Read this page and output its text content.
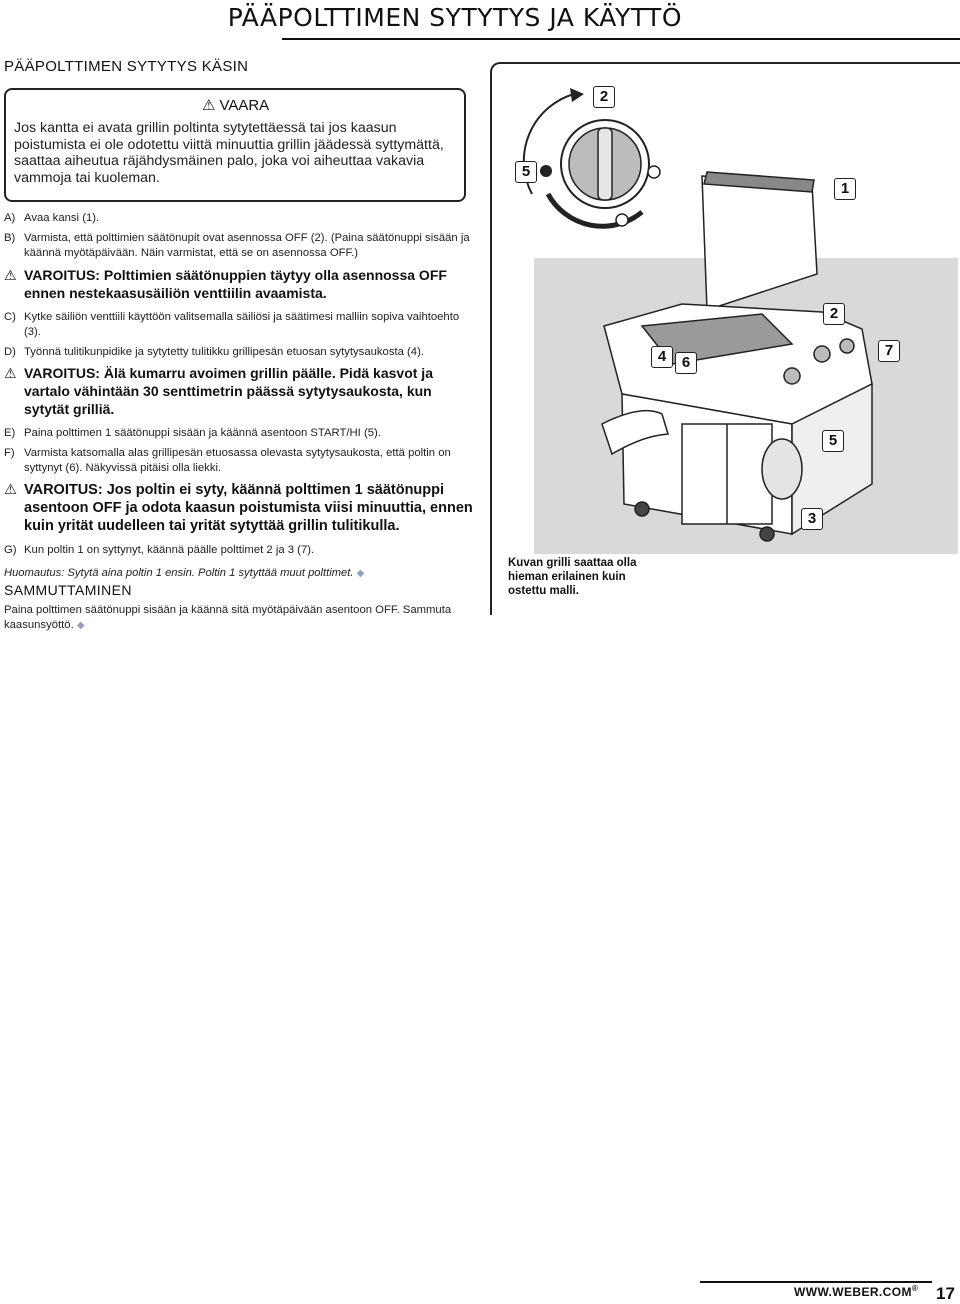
PÄÄPOLTTIMEN SYTYTYS JA KÄYTTÖ
PÄÄPOLTTIMEN SYTYTYS KÄSIN
⚠ VAARA
Jos kantta ei avata grillin poltinta sytytettäessä tai jos kaasun poistumista ei ole odotettu viittä minuuttia grillin jäädessä syttymättä, saattaa aiheutua räjähdysmäinen palo, joka voi aiheuttaa vakavia vammoja tai kuoleman.
A) Avaa kansi (1).
B) Varmista, että polttimien säätönupit ovat asennossa OFF (2). (Paina säätönuppi sisään ja käännä myötäpäivään. Näin varmistat, että se on asennossa OFF.)
⚠ VAROITUS: Polttimien säätönuppien täytyy olla asennossa OFF ennen nestekaasusäiliön venttiilin avaamista.
C) Kytke säiliön venttiili käyttöön valitsemalla säiliösi ja säätimesi malliin sopiva vaihtoehto (3).
D) Työnnä tulitikunpidike ja sytytetty tulitikku grillipesän etuosan sytytysaukosta (4).
⚠ VAROITUS: Älä kumarru avoimen grillin päälle. Pidä kasvot ja vartalo vähintään 30 senttimetrin päässä sytytysaukosta, kun sytytät grilliä.
E) Paina polttimen 1 säätönuppi sisään ja käännä asentoon START/HI (5).
F) Varmista katsomalla alas grillipesän etuosassa olevasta sytytysaukosta, että poltin on syttynyt (6). Näkyvissä pitäisi olla liekki.
⚠ VAROITUS: Jos poltin ei syty, käännä polttimen 1 säätönuppi asentoon OFF ja odota kaasun poistumista viisi minuuttia, ennen kuin yrität uudelleen tai yrität sytyttää grillin tulitikulla.
G) Kun poltin 1 on syttynyt, käännä päälle polttimet 2 ja 3 (7).
Huomautus: Sytytä aina poltin 1 ensin. Poltin 1 sytyttää muut polttimet. ◆
SAMMUTTAMINEN
Paina polttimen säätönuppi sisään ja käännä sitä myötäpäivään asentoon OFF. Sammuta kaasunsyöttö. ◆
2
5
1
2
7
4	6
5
3
Kuvan grilli saattaa olla hieman erilainen kuin ostettu malli.
WWW.WEBER.COM® 17
